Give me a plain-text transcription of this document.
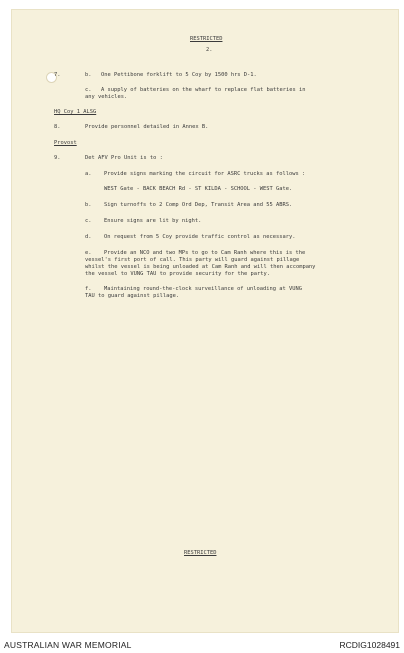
RESTRICTED
2.
7.	b. One Pettibone forklift to 5 Coy by 1500 hrs D-1.
c. A supply of batteries on the wharf to replace flat batteries in
any vehicles.
HQ Coy 1 ALSG
8.	Provide personnel detailed in Annex B.
Provost
9.	Det AFV Pro Unit is to :
a. Provide signs marking the circuit for ASRC trucks as follows :
WEST Gate - BACK BEACH Rd - ST KILDA - SCHOOL - WEST Gate.
b. Sign turnoffs to 2 Comp Ord Dep, Transit Area and 55 ABRS.
c. Ensure signs are lit by night.
d. On request from 5 Coy provide traffic control as necessary.
e. Provide an NCO and two MPs to go to Cam Ranh where this is the
vessel's first port of call. This party will guard against pillage
whilst the vessel is being unloaded at Cam Ranh and will then accompany
the vessel to VUNG TAU to provide security for the party.
f. Maintaining round-the-clock surveillance of unloading at VUNG
TAU to guard against pillage.
RESTRICTED
AUSTRALIAN WAR MEMORIAL	RCDIG1028491
